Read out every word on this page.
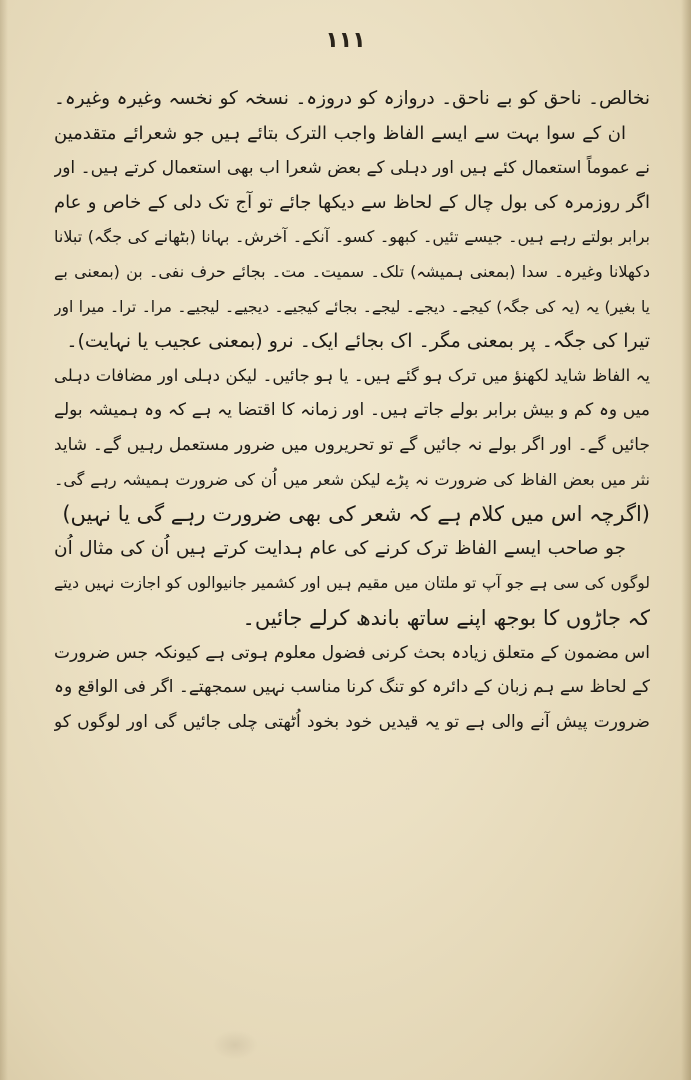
۱۱۱
نخالص۔ ناحق کو بے ناحق۔ دروازہ کو دروزہ۔ نسخہ کو نخسہ وغیرہ وغیرہ۔
ان کے سوا بہت سے ایسے الفاظ واجب الترک بتائے ہیں جو شعرائے متقدمین
نے عموماً استعمال کئے ہیں اور دہلی کے بعض شعرا اب بھی استعمال کرتے ہیں۔ اور
اگر روزمرہ کی بول چال کے لحاظ سے دیکھا جائے تو آج تک دلی کے خاص و عام
برابر بولتے رہے ہیں۔ جیسے تئیں۔ کبھو۔ کسو۔ آنکے۔ آخرش۔ بہانا (بٹھانے کی جگہ) تبلانا
دکھلانا وغیرہ۔ سدا (بمعنی ہمیشہ) تلک۔ سمیت۔ مت۔ بجائے حرف نفی۔ بن (بمعنی بے
یا بغیر) یہ (یہ کی جگہ) کیجے۔ دیجے۔ لیجے۔ بجائے کیجیے۔ دیجیے۔ لیجیے۔ مرا۔ ترا۔ میرا اور
تیرا کی جگہ۔ پر بمعنی مگر۔ اک بجائے ایک۔ نرو (بمعنی عجیب یا نہایت)۔
یہ الفاظ شاید لکھنؤ میں ترک ہو گئے ہیں۔ یا ہو جائیں۔ لیکن دہلی اور مضافات دہلی
میں وہ کم و بیش برابر بولے جاتے ہیں۔ اور زمانہ کا اقتضا یہ ہے کہ وہ ہمیشہ بولے
جائیں گے۔ اور اگر بولے نہ جائیں گے تو تحریروں میں ضرور مستعمل رہیں گے۔ شاید
نثر میں بعض الفاظ کی ضرورت نہ پڑے لیکن شعر میں اُن کی ضرورت ہمیشہ رہے گی۔
(اگرچہ اس میں کلام ہے کہ شعر کی بھی ضرورت رہے گی یا نہیں)
جو صاحب ایسے الفاظ ترک کرنے کی عام ہدایت کرتے ہیں اُن کی مثال اُن
لوگوں کی سی ہے جو آپ تو ملتان میں مقیم ہیں اور کشمیر جانیوالوں کو اجازت نہیں دیتے
کہ جاڑوں کا بوجھ اپنے ساتھ باندھ کرلے جائیں۔
اس مضمون کے متعلق زیادہ بحث کرنی فضول معلوم ہوتی ہے کیونکہ جس ضرورت
کے لحاظ سے ہم زبان کے دائرہ کو تنگ کرنا مناسب نہیں سمجھتے۔ اگر فی الواقع وہ
ضرورت پیش آنے والی ہے تو یہ قیدیں خود بخود اُٹھتی چلی جائیں گی اور لوگوں کو
